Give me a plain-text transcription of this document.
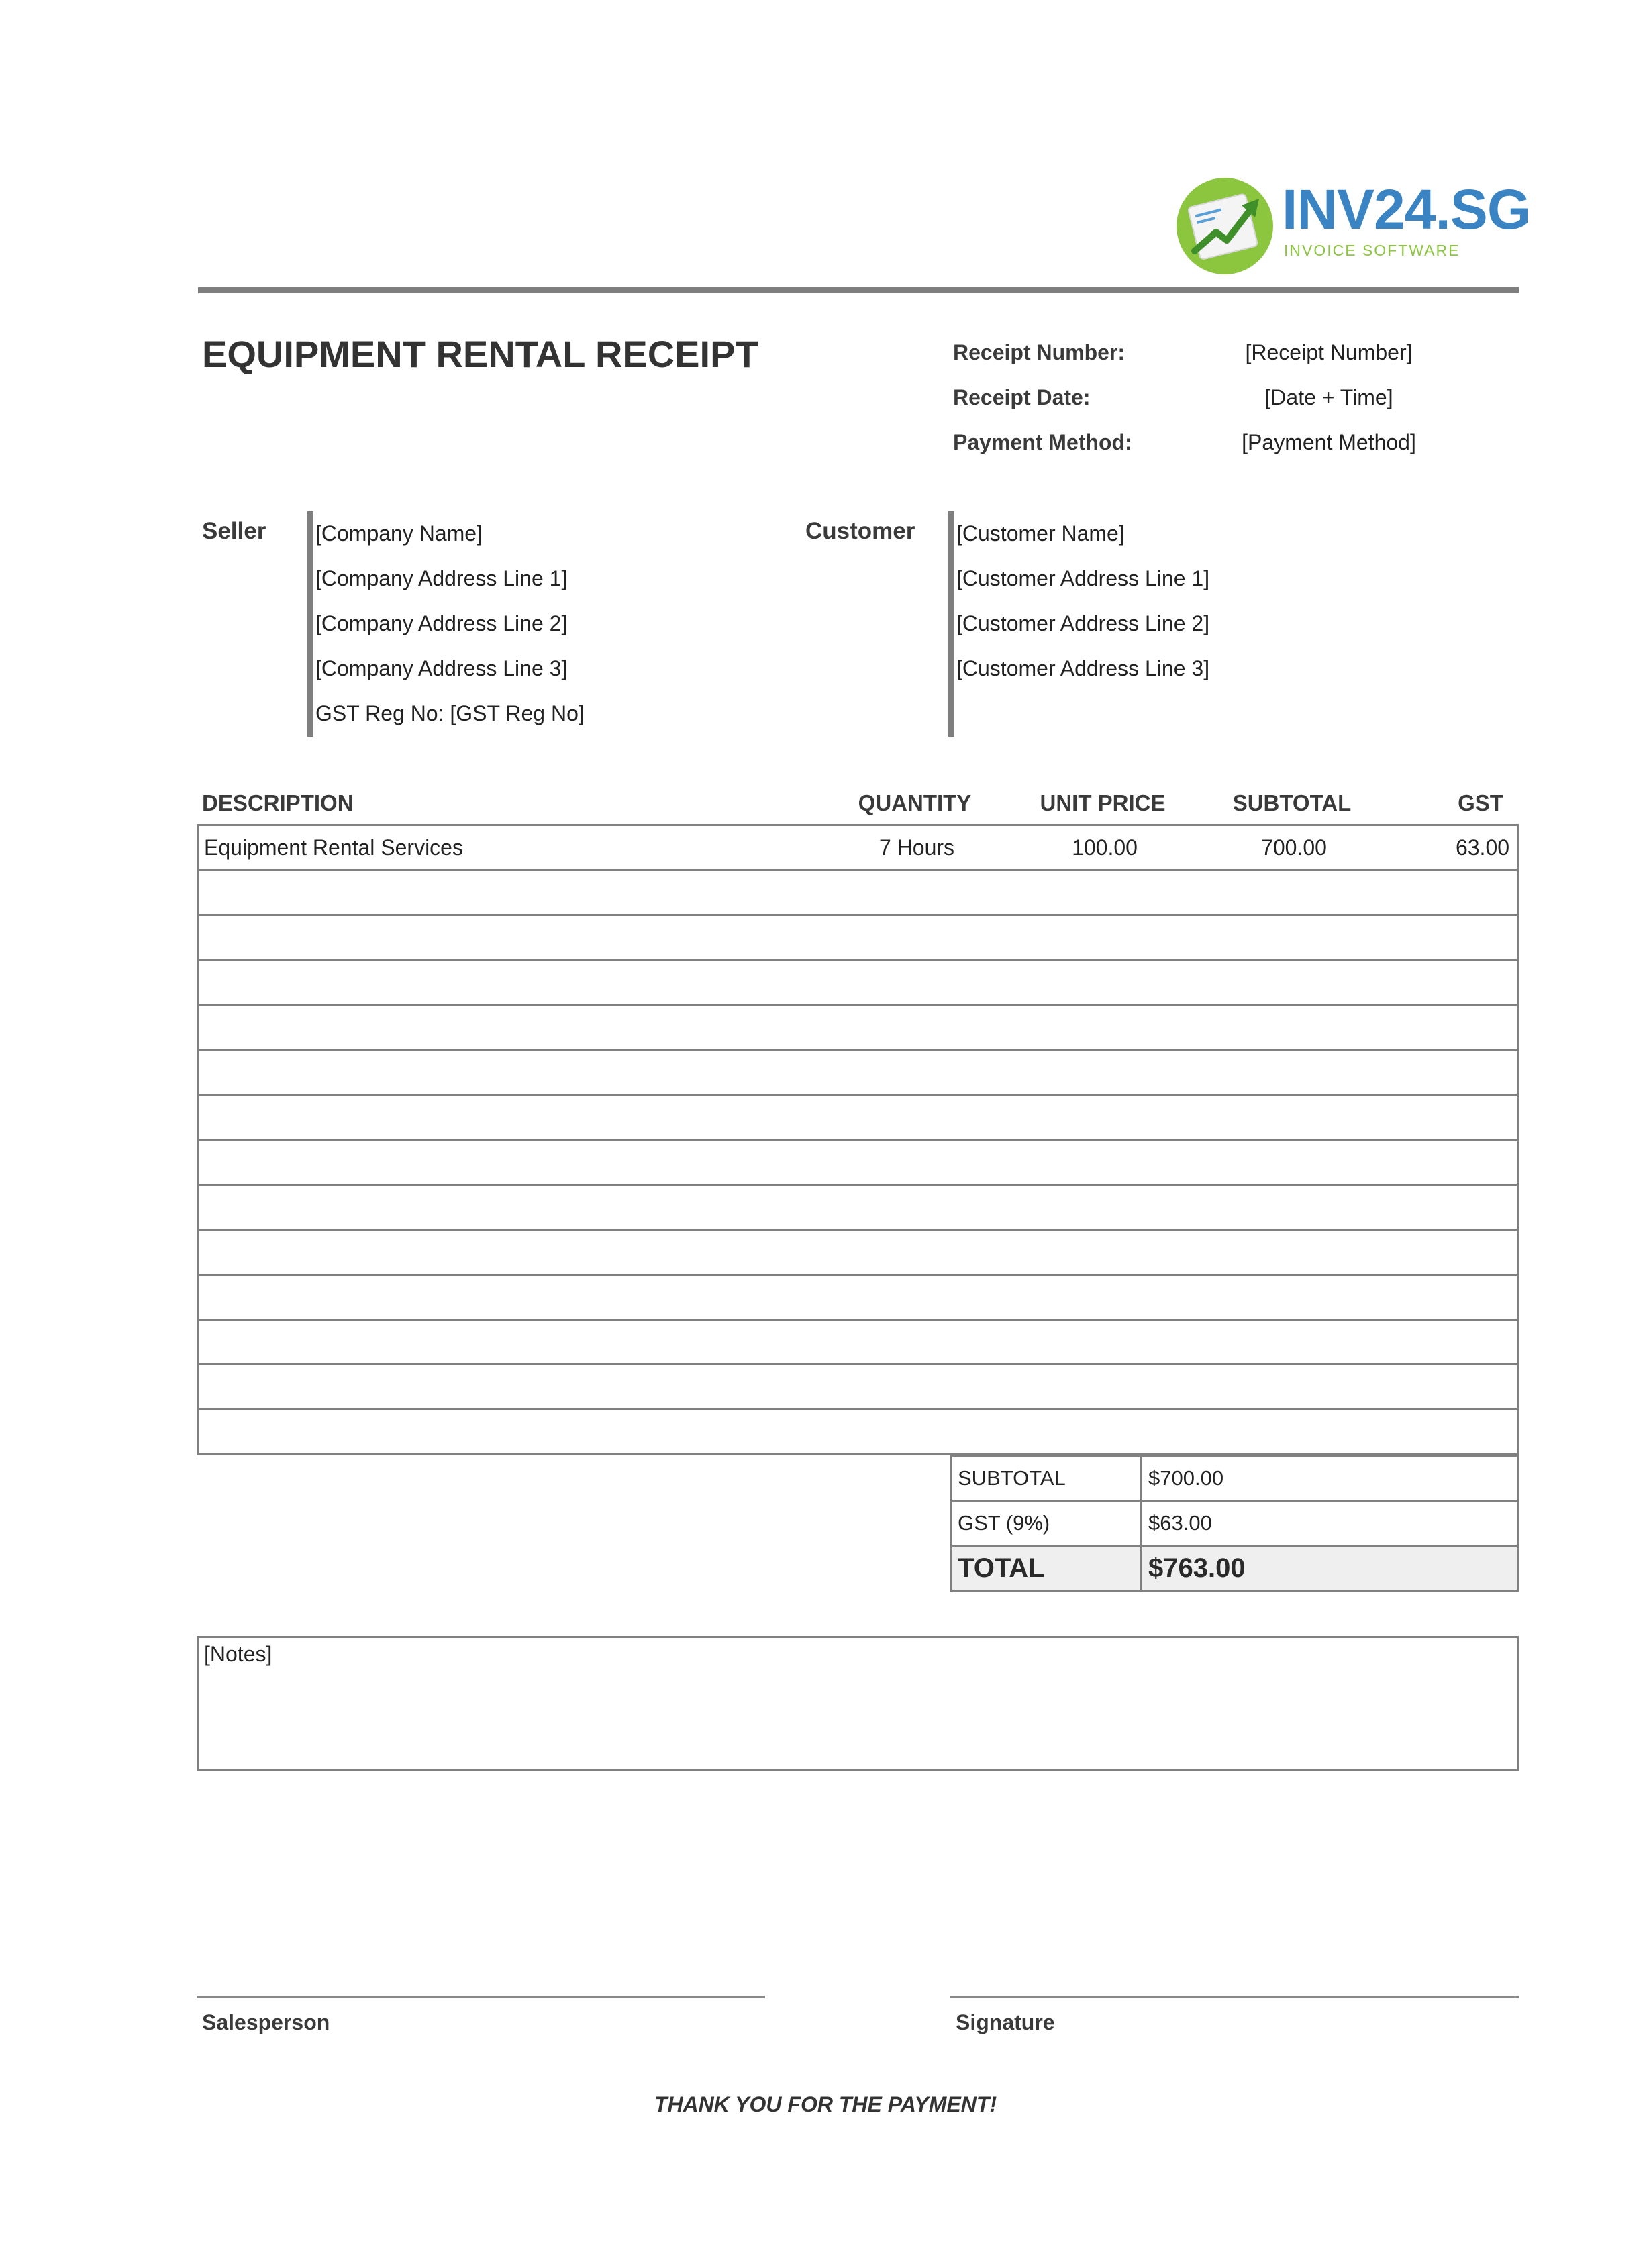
INV24.SG
INVOICE SOFTWARE
EQUIPMENT RENTAL RECEIPT	Receipt Number:	[Receipt Number]
Receipt Date:	[Date + Time]
Payment Method:	[Payment Method]
Seller [Company Name]
[Company Address Line 1]
[Company Address Line 2]
[Company Address Line 3]
GST Reg No: [GST Reg No]
Customer [Customer Name]
[Customer Address Line 1]
[Customer Address Line 2]
[Customer Address Line 3]
DESCRIPTION	QUANTITY	UNIT PRICE	SUBTOTAL	GST
Equipment Rental Services	7 Hours	100.00	700.00	63.00
SUBTOTAL	$700.00
GST (9%)	$63.00
TOTAL	$763.00
[Notes]
Salesperson	Signature
THANK YOU FOR THE PAYMENT!
